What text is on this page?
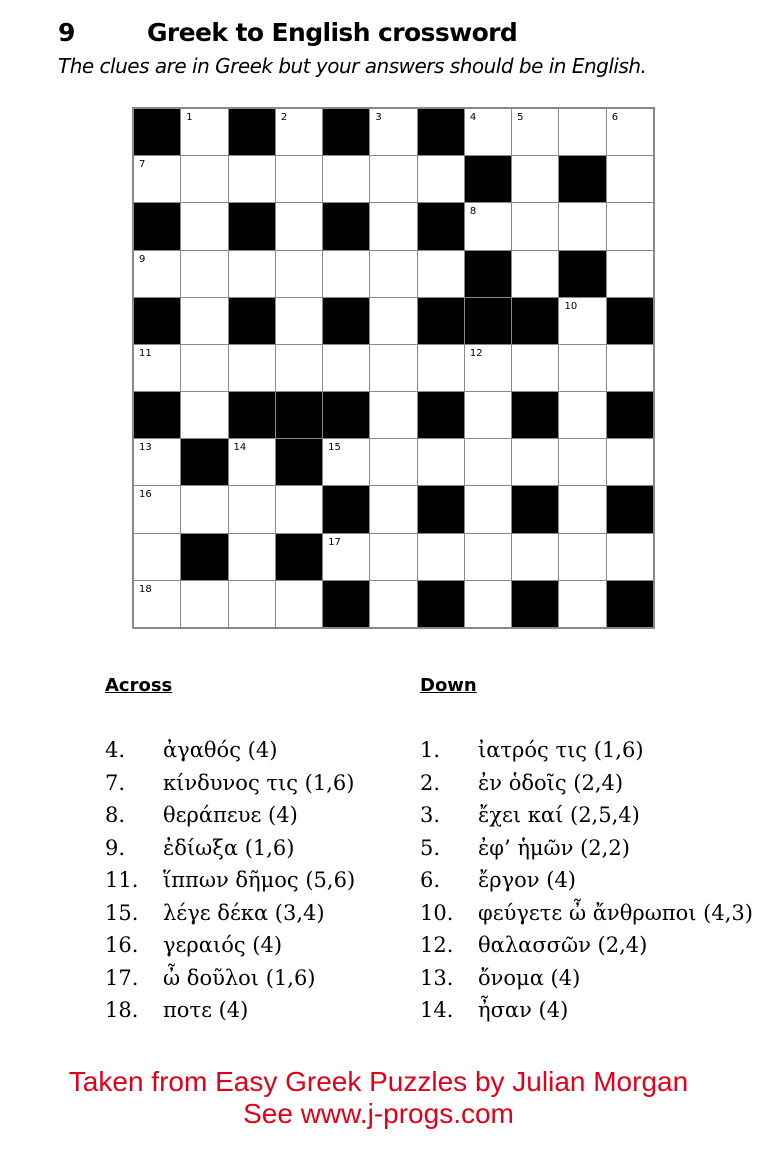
9	Greek to English crossword
The clues are in Greek but your answers should be in English.
1	2	3	4	5	6
7
8
9
10
11	12
13	14	15
16
17
18
Across	Down
4. ἀγαθός (4)
7. κίνδυνος τις (1,6)
8. θεράπευε (4)
9. ἐδίωξα (1,6)
11. ἵππων δῆμος (5,6)
15. λέγε δέκα (3,4)
16. γεραιός (4)
17. ὦ δοῦλοι (1,6)
18. ποτε (4)
1. ἰατρός τις (1,6)
2. ἐν ὁδοῖς (2,4)
3. ἔχει καί (2,5,4)
5. ἐφ’ ἡμῶν (2,2)
6. ἔργον (4)
10. φεύγετε ὦ ἄνθρωποι (4,3)
12. θαλασσῶν (2,4)
13. ὄνομα (4)
14. ἦσαν (4)
Taken from Easy Greek Puzzles by Julian Morgan
See www.j-progs.com
